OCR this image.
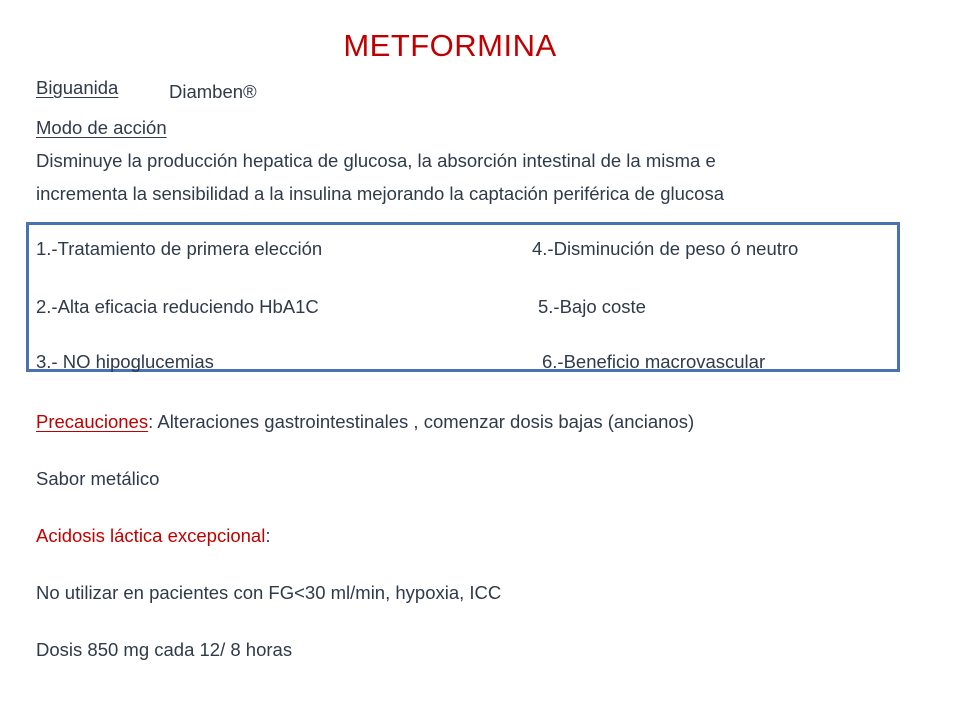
METFORMINA
Biguanida	Diamben®
Modo de acción
Disminuye la producción hepatica de glucosa, la absorción intestinal de la misma e
incrementa la sensibilidad a la insulina mejorando la captación periférica de glucosa
1.-Tratamiento de primera elección
2.-Alta eficacia reduciendo HbA1C
3.- NO hipoglucemias
4.-Disminución de peso ó neutro
5.-Bajo coste
6.-Beneficio macrovascular
Precauciones: Alteraciones gastrointestinales , comenzar dosis bajas (ancianos)
Sabor metálico
Acidosis láctica excepcional:
No utilizar en pacientes con FG<30 ml/min, hypoxia, ICC
Dosis 850 mg cada 12/ 8 horas
